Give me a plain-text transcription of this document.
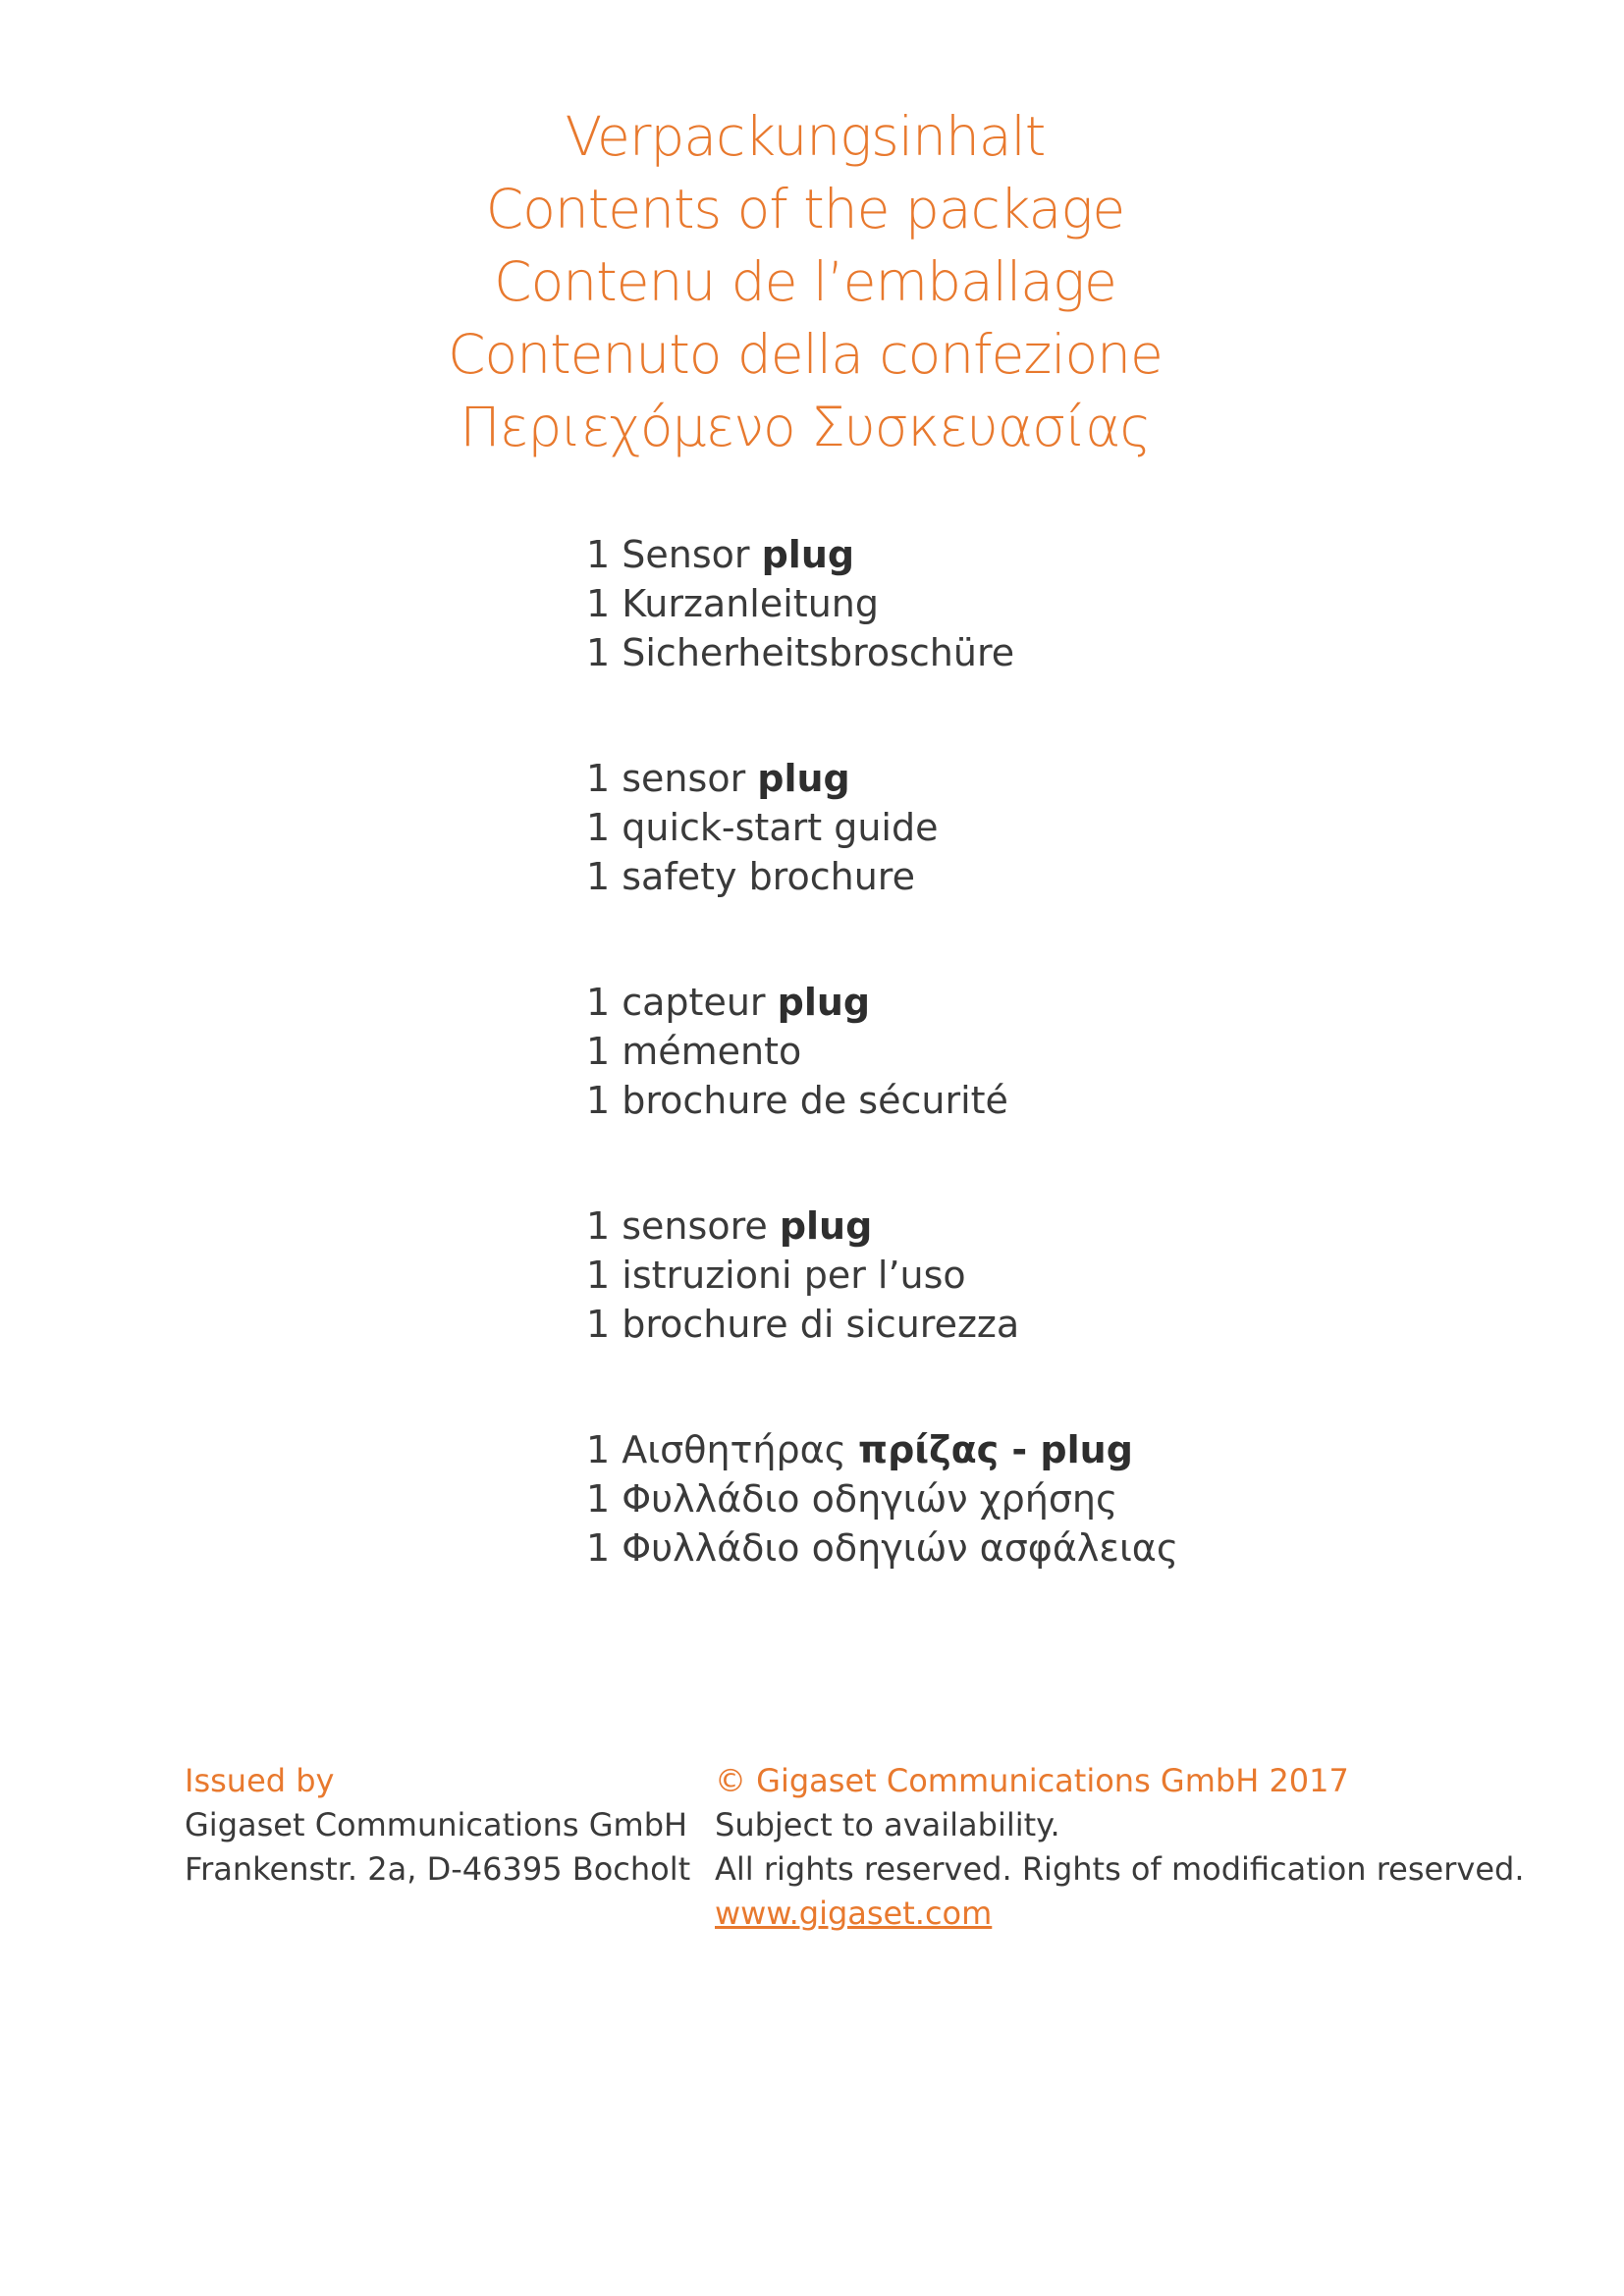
Verpackungsinhalt
Contents of the package
Contenu de l’emballage
Contenuto della confezione
Περιεχόμενο Συσκευασίας
1 Sensor plug
1 Kurzanleitung
1 Sicherheitsbroschüre
1 sensor plug
1 quick-start guide
1 safety brochure
1 capteur plug
1 mémento
1 brochure de sécurité
1 sensore plug
1 istruzioni per l’uso
1 brochure di sicurezza
1 Αισθητήρας πρίζας - plug
1 Φυλλάδιο οδηγιών χρήσης
1 Φυλλάδιο οδηγιών ασφάλειας
Issued by
Gigaset Communications GmbH
Frankenstr. 2a, D-46395 Bocholt
© Gigaset Communications GmbH 2017
Subject to availability.
All rights reserved. Rights of modification reserved.
www.gigaset.com
